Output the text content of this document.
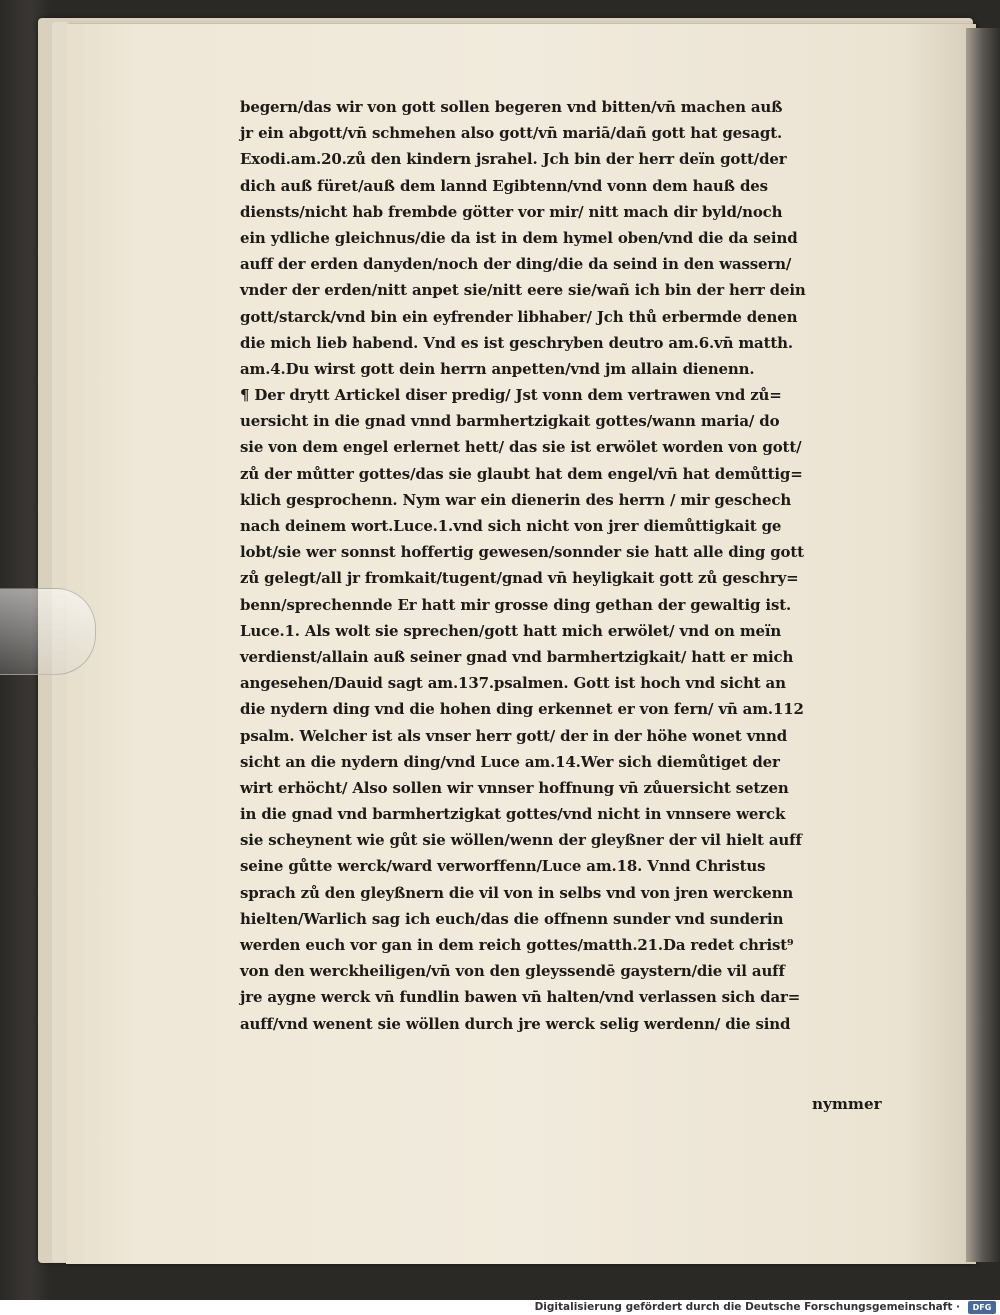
begern/das wir von gott sollen begeren vnd bitten/vn̄ machen auß
jr ein abgott/vn̄ schmehen also gott/vn̄ mariā/dañ gott hat gesagt.
Exodi.am.20.zů den kindern jsrahel. Jch bin der herr deïn gott/der
dich auß füret/auß dem lannd Egibtenn/vnd vonn dem hauß des
diensts/nicht hab frembde götter vor mir/ nitt mach dir byld/noch
ein ydliche gleichnus/die da ist in dem hymel oben/vnd die da seind
auff der erden danyden/noch der ding/die da seind in den wassern/
vnder der erden/nitt anpet sie/nitt eere sie/wañ ich bin der herr dein
gott/starck/vnd bin ein eyfrender libhaber/ Jch thů erbermde denen
die mich lieb habend. Vnd es ist geschryben deutro am.6.vn̄ matth.
am.4.Du wirst gott dein herrn anpetten/vnd jm allain dienenn.
¶ Der drytt Artickel diser predig/ Jst vonn dem vertrawen vnd zů=
uersicht in die gnad vnnd barmhertzigkait gottes/wann maria/ do
sie von dem engel erlernet hett/ das sie ist erwölet worden von gott/
zů der můtter gottes/das sie glaubt hat dem engel/vn̄ hat demůttig=
klich gesprochenn. Nym war ein dienerin des herrn / mir geschech
nach deinem wort.Luce.1.vnd sich nicht von jrer diemůttigkait ge
lobt/sie wer sonnst hoffertig gewesen/sonnder sie hatt alle ding gott
zů gelegt/all jr fromkait/tugent/gnad vn̄ heyligkait gott zů geschry=
benn/sprechennde Er hatt mir grosse ding gethan der gewaltig ist.
Luce.1. Als wolt sie sprechen/gott hatt mich erwölet/ vnd on meïn
verdienst/allain auß seiner gnad vnd barmhertzigkait/ hatt er mich
angesehen/Dauid sagt am.137.psalmen. Gott ist hoch vnd sicht an
die nydern ding vnd die hohen ding erkennet er von fern/ vn̄ am.112
psalm. Welcher ist als vnser herr gott/ der in der höhe wonet vnnd
sicht an die nydern ding/vnd Luce am.14.Wer sich diemůtiget der
wirt erhöcht/ Also sollen wir vnnser hoffnung vn̄ zůuersicht setzen
in die gnad vnd barmhertzigkat gottes/vnd nicht in vnnsere werck
sie scheynent wie gůt sie wöllen/wenn der gleyßner der vil hielt auff
seine gůtte werck/ward verworffenn/Luce am.18. Vnnd Christus
sprach zů den gleyßnern die vil von in selbs vnd von jren werckenn
hielten/Warlich sag ich euch/das die offnenn sunder vnd sunderin
werden euch vor gan in dem reich gottes/matth.21.Da redet christ⁹
von den werckheiligen/vn̄ von den gleyssendē gaystern/die vil auff
jre aygne werck vn̄ fundlin bawen vn̄ halten/vnd verlassen sich dar=
auff/vnd wenent sie wöllen durch jre werck selig werdenn/ die sind
nymmer
Digitalisierung gefördert durch die Deutsche Forschungsgemeinschaft ·	DFG
